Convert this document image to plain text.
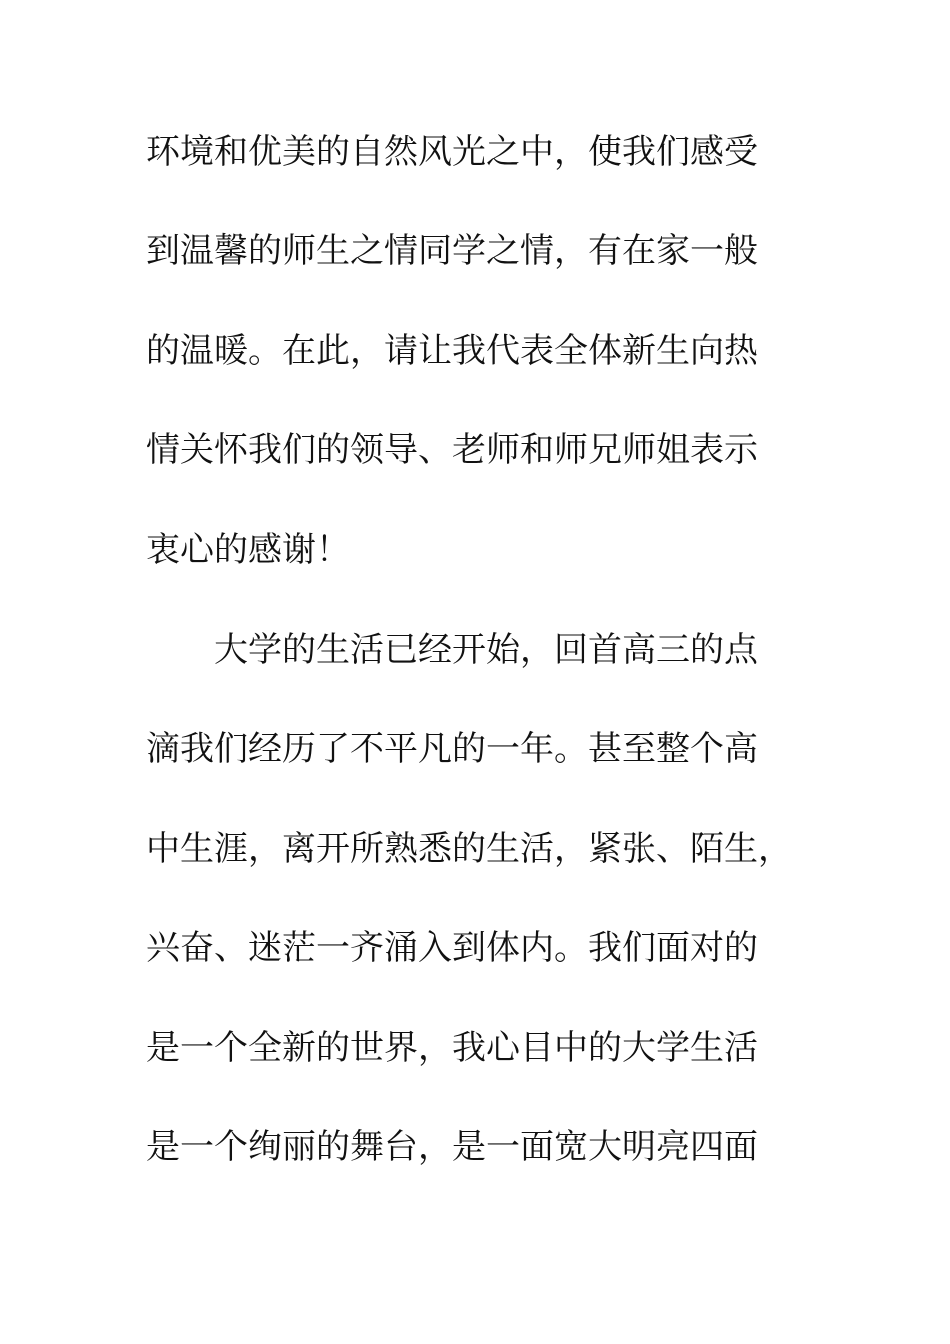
环境和优美的自然风光之中，使我们感受
到温馨的师生之情同学之情，有在家一般
的温暖。在此，请让我代表全体新生向热
情关怀我们的领导、老师和师兄师姐表示
衷心的感谢！
大学的生活已经开始，回首高三的点
滴我们经历了不平凡的一年。甚至整个高
中生涯，离开所熟悉的生活，紧张、陌生，
兴奋、迷茫一齐涌入到体内。我们面对的
是一个全新的世界，我心目中的大学生活
是一个绚丽的舞台，是一面宽大明亮四面
